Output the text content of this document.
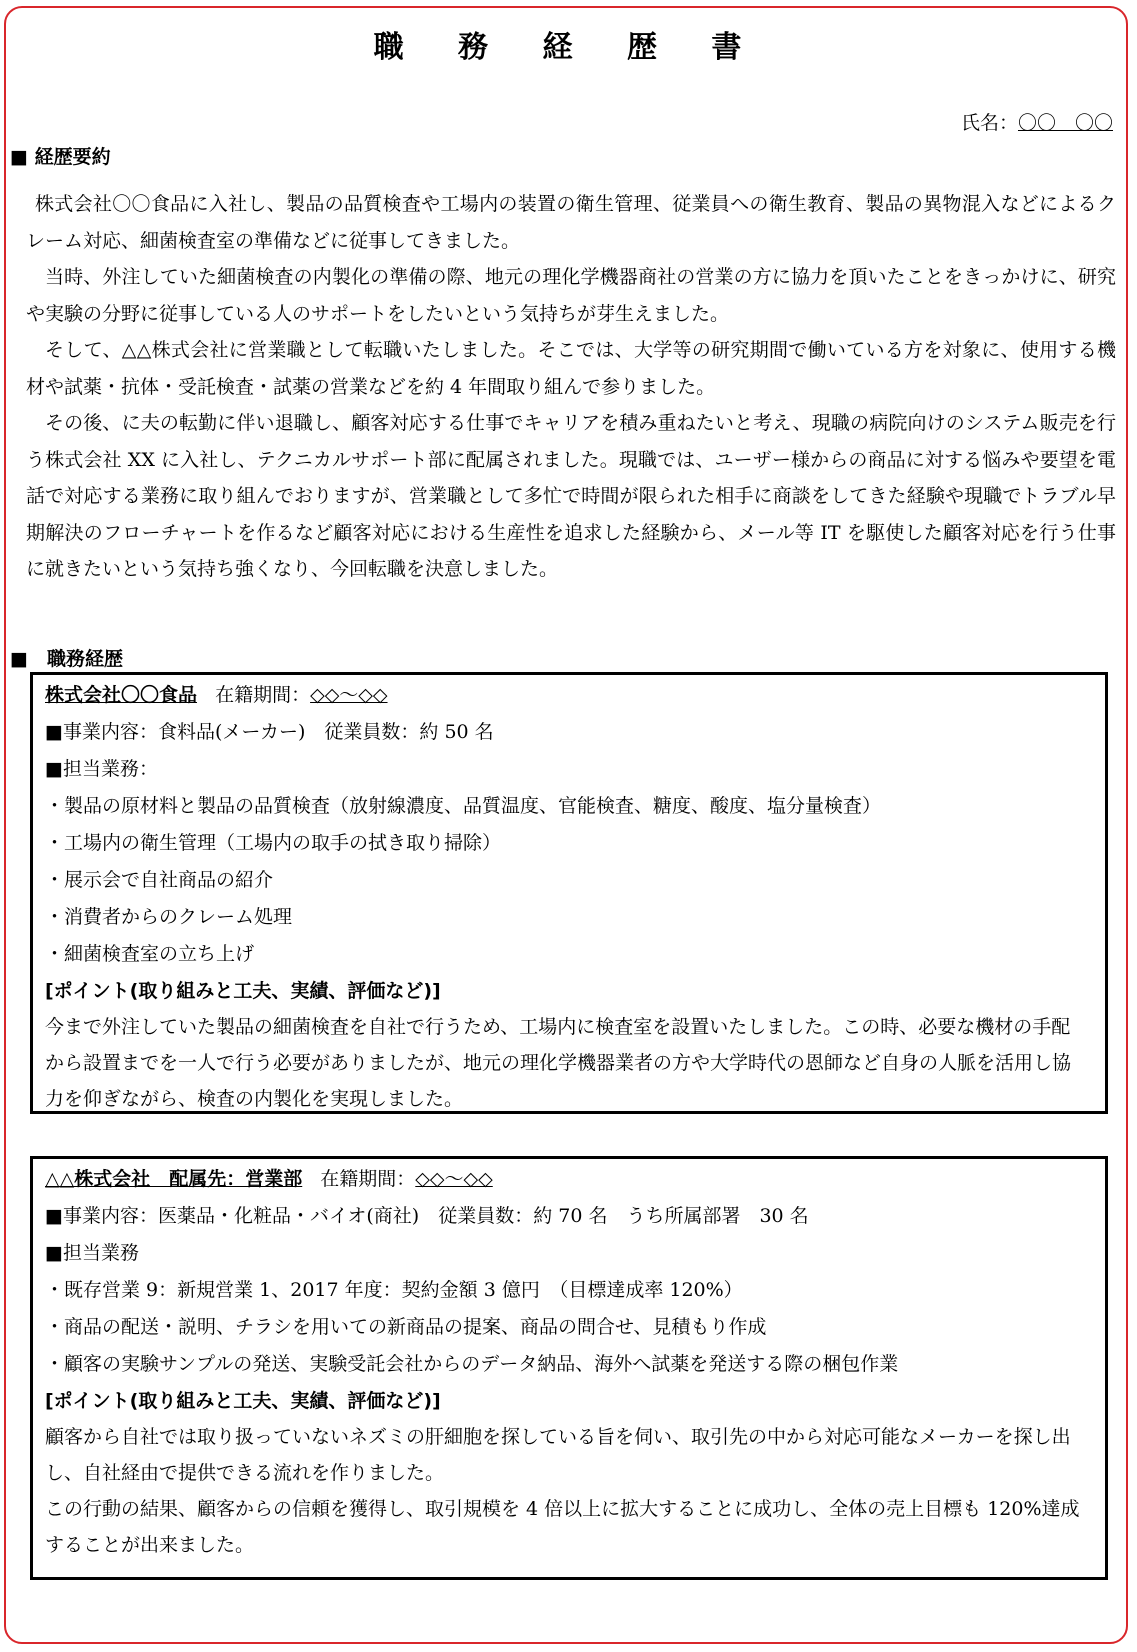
職 務 経 歴 書
氏名：〇〇　〇〇
■ 経歴要約

株式会社〇〇食品に入社し、製品の品質検査や工場内の装置の衛生管理、従業員への衛生教育、製品の異物混入などによるクレーム対応、細菌検査室の準備などに従事してきました。

当時、外注していた細菌検査の内製化の準備の際、地元の理化学機器商社の営業の方に協力を頂いたことをきっかけに、研究や実験の分野に従事している人のサポートをしたいという気持ちが芽生えました。

そして、△△株式会社に営業職として転職いたしました。そこでは、大学等の研究期間で働いている方を対象に、使用する機材や試薬・抗体・受託検査・試薬の営業などを約 4 年間取り組んで参りました。

その後、に夫の転勤に伴い退職し、顧客対応する仕事でキャリアを積み重ねたいと考え、現職の病院向けのシステム販売を行う株式会社 XX に入社し、テクニカルサポート部に配属されました。現職では、ユーザー様からの商品に対する悩みや要望を電話で対応する業務に取り組んでおりますが、営業職として多忙で時間が限られた相手に商談をしてきた経験や現職でトラブル早期解決のフローチャートを作るなど顧客対応における生産性を追求した経験から、メール等 IT を駆使した顧客対応を行う仕事に就きたいという気持ち強くなり、今回転職を決意しました。

■　職務経歴
株式会社〇〇食品 在籍期間：◇◇～◇◇
■事業内容：食料品(メーカー)　従業員数：約 50 名
■担当業務：
・製品の原材料と製品の品質検査（放射線濃度、品質温度、官能検査、糖度、酸度、塩分量検査）
・工場内の衛生管理（工場内の取手の拭き取り掃除）
・展示会で自社商品の紹介
・消費者からのクレーム処理
・細菌検査室の立ち上げ
[ポイント(取り組みと工夫、実績、評価など)]

今まで外注していた製品の細菌検査を自社で行うため、工場内に検査室を設置いたしました。この時、必要な機材の手配から設置までを一人で行う必要がありましたが、地元の理化学機器業者の方や大学時代の恩師など自身の人脈を活用し協力を仰ぎながら、検査の内製化を実現しました。

△△株式会社　配属先：営業部 在籍期間：◇◇～◇◇
■事業内容：医薬品・化粧品・バイオ(商社)　従業員数：約 70 名　うち所属部署　30 名
■担当業務
・既存営業 9：新規営業 1、2017 年度：契約金額 3 億円　（目標達成率 120%）
・商品の配送・説明、チラシを用いての新商品の提案、商品の問合せ、見積もり作成
・顧客の実験サンプルの発送、実験受託会社からのデータ納品、海外へ試薬を発送する際の梱包作業
[ポイント(取り組みと工夫、実績、評価など)]

顧客から自社では取り扱っていないネズミの肝細胞を探している旨を伺い、取引先の中から対応可能なメーカーを探し出し、自社経由で提供できる流れを作りました。

この行動の結果、顧客からの信頼を獲得し、取引規模を 4 倍以上に拡大することに成功し、全体の売上目標も 120%達成することが出来ました。
